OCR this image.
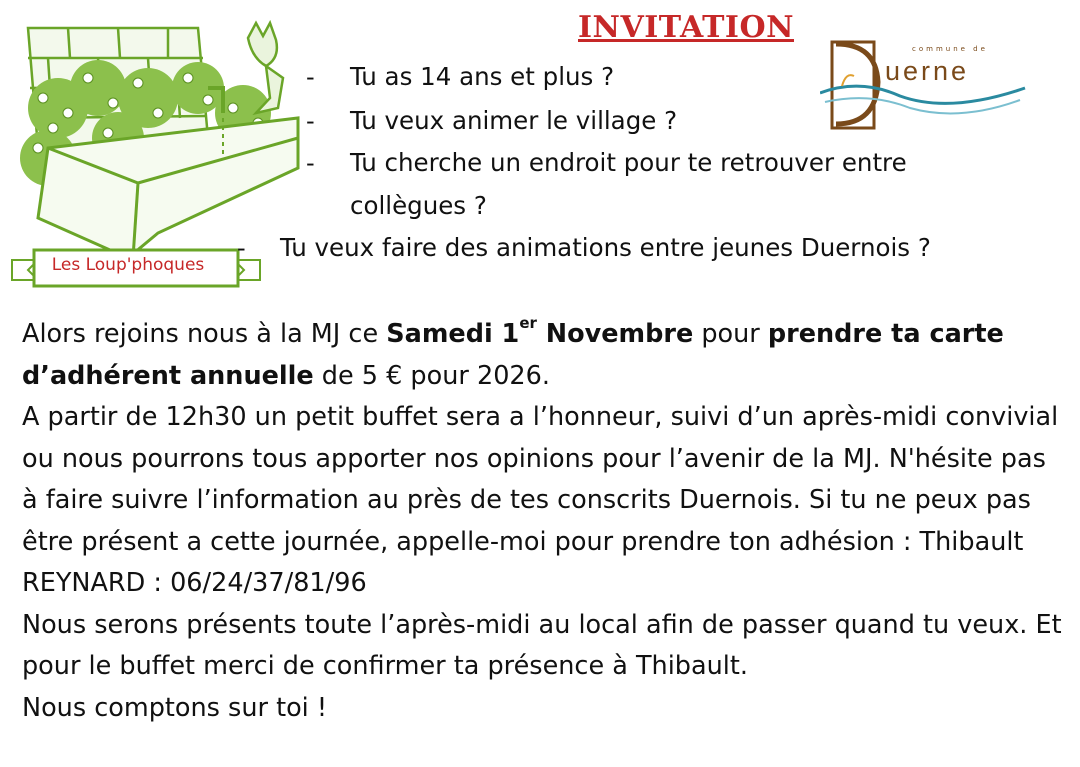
Les Loup'phoques
INVITATION
commune de
uerne
- Tu as 14 ans et plus ?
- Tu veux animer le village ?
- Tu cherche un endroit pour te retrouver entre
collègues ?
- Tu veux faire des animations entre jeunes Duernois ?

Alors rejoins nous à la MJ ce Samedi 1er Novembre pour prendre ta carte d’adhérent annuelle de 5 € pour 2026.

A partir de 12h30 un petit buffet sera a l’honneur, suivi d’un après-midi convivial ou nous pourrons tous apporter nos opinions pour l’avenir de la MJ. N'hésite pas à faire suivre l’information au près de tes conscrits Duernois. Si tu ne peux pas être présent a cette journée, appelle-moi pour prendre ton adhésion : Thibault REYNARD : 06/24/37/81/96

Nous serons présents toute l’après-midi au local afin de passer quand tu veux. Et pour le buffet merci de confirmer ta présence à Thibault.

Nous comptons sur toi !
